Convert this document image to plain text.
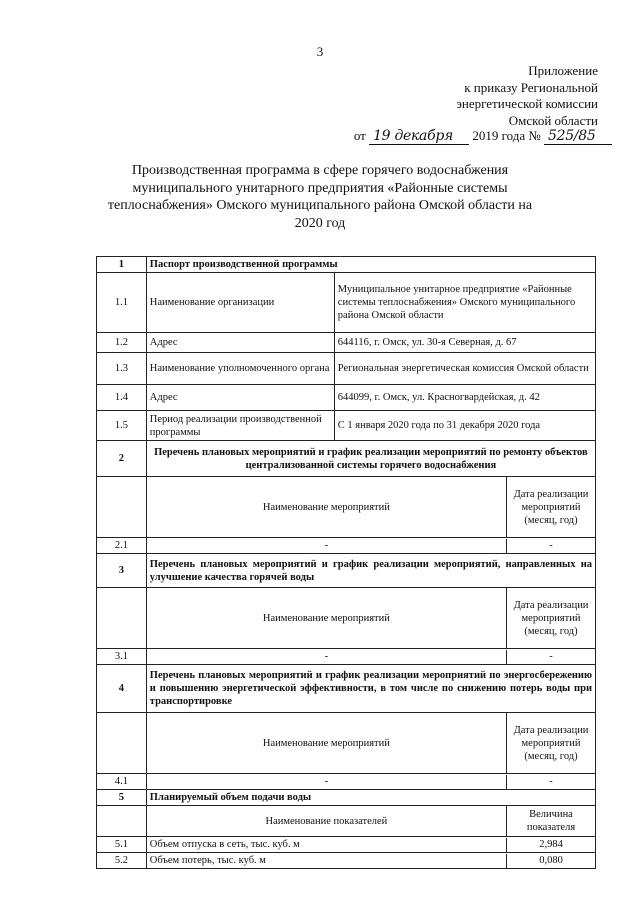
3
Приложение
к приказу Региональной
энергетической комиссии
Омской области
от 19 декабря 2019 года № 525/85
Производственная программа в сфере горячего водоснабжения муниципального унитарного предприятия «Районные системы теплоснабжения» Омского муниципального района Омской области на 2020 год
1	Паспорт производственной программы
1.1	Наименование организации	Муниципальное унитарное предприятие «Районные системы теплоснабжения» Омского муниципального района Омской области
1.2	Адрес	644116, г. Омск, ул. 30-я Северная, д. 67
1.3	Наименование уполномоченного органа	Региональная энергетическая комиссия Омской области
1.4	Адрес	644099, г. Омск, ул. Красногвардейская, д. 42
1.5	Период реализации производственной программы	С 1 января 2020 года по 31 декабря 2020 года
2	Перечень плановых мероприятий и график реализации мероприятий по ремонту объектов централизованной системы горячего водоснабжения

Наименование мероприятий	Дата реализации мероприятий (месяц, год)

2.1		-	-

3	Перечень плановых мероприятий и график реализации мероприятий, направленных на улучшение качества горячей воды

Наименование мероприятий	Дата реализации мероприятий (месяц, год)

3.1		-	-

4	Перечень плановых мероприятий и график реализации мероприятий по энергосбережению и повышению энергетической эффективности, в том числе по снижению потерь воды при транспортировке

Наименование мероприятий	Дата реализации мероприятий (месяц, год)

4.1		-	-

5	Планируемый объем подачи воды

Наименование показателей	Величина показателя

5.1	Объем отпуска в сеть, тыс. куб. м	2,984

5.2	Объем потерь, тыс. куб. м	0,080
